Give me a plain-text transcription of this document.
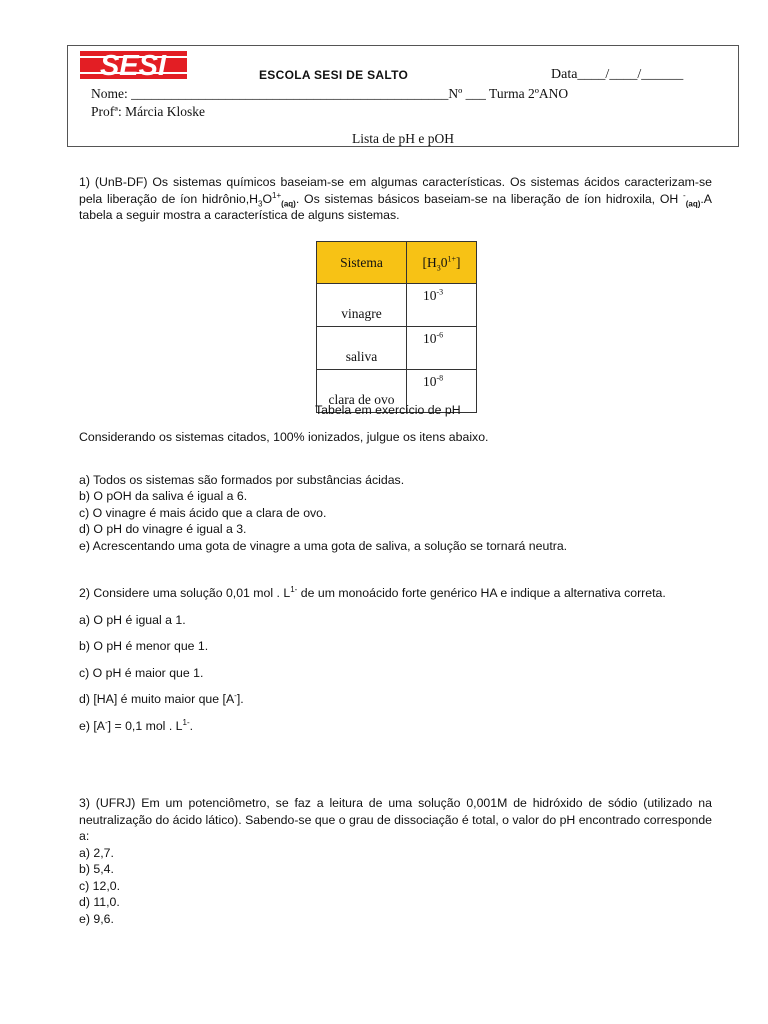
SESI	ESCOLA SESI DE SALTO	Data____/____/______
Nome: _______________________________________________Nº ___ Turma 2ºANO
Profª: Márcia Kloske
Lista de pH e pOH

1) (UnB-DF) Os sistemas químicos baseiam-se em algumas características. Os sistemas ácidos caracterizam-se pela liberação de íon $hidrônio,H_3O^{1+}_{(aq)}$. Os sistemas básicos baseiam-se na liberação de íon hidroxila, OH -$_{(aq)}$.A tabela a seguir mostra a característica de alguns sistemas.

Sistema	$[H_30^{1+}]$
vinagre	$10^{-3}$
saliva	$10^{-6}$
clara de ovo	$10^{-8}$
Tabela em exercício de pH

Considerando os sistemas citados, 100% ionizados, julgue os itens abaixo.

a) Todos os sistemas são formados por substâncias ácidas.

b) O pOH da saliva é igual a 6.

c) O vinagre é mais ácido que a clara de ovo.

d) O pH do vinagre é igual a 3.

e) Acrescentando uma gota de vinagre a uma gota de saliva, a solução se tornará neutra.

2) Considere uma solução 0,01 mol . $L^{1-}$ de um monoácido forte genérico HA e indique a alternativa correta.

a) O pH é igual a 1.

b) O pH é menor que 1.

c) O pH é maior que 1.

d) [HA] é muito maior que [A-].

e) [A-] = 0,1 mol . $L^{1-}$.

3) (UFRJ) Em um potenciômetro, se faz a leitura de uma solução 0,001M de hidróxido de sódio (utilizado na neutralização do ácido lático). Sabendo-se que o grau de dissociação é total, o valor do pH encontrado corresponde a:

a) 2,7.

b) 5,4.

c) 12,0.

d) 11,0.

e) 9,6.
